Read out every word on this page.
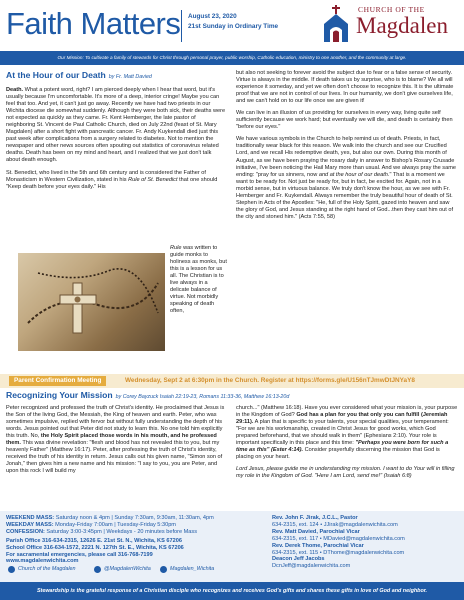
Faith Matters August 23, 2020
21st Sunday in Ordinary Time
CHURCH OF THE
Magdalen
Our Mission: To cultivate a family of stewards for Christ through personal prayer, public worship, Catholic education, ministry to one another, and the community at large.
At the Hour of our Death by Fr. Matt Davied

Death. What a potent word, right? I am pierced deeply when I hear that word, but it's usually because I'm uncomfortable. It's more of a deep, interior cringe! Maybe you can feel that too. And yet, it can't just go away. Recently we have had two priests in our Wichita diocese die somewhat suddenly. Although they were both sick, their deaths were not expected as quickly as they came. Fr. Kent Hemberger, the late pastor of neighboring St. Vincent de Paul Catholic Church, died on July 22nd (feast of St. Mary Magdalen) after a short fight with pancreatic cancer. Fr. Andy Kuykendall died just this past week after complications from a surgery related to diabetes. Not to mention the newspaper and other news sources often spouting out statistics of coronavirus related deaths. Death has been on my mind and heart, and I realized that we just don't talk about death enough.

St. Benedict, who lived in the 5th and 6th century and is considered the Father of Monasticism in Western Civilization, stated in his Rule of St. Benedict that one should "Keep death before your eyes daily." His

Rule was written to guide monks to holiness as monks, but this is a lesson for us all. The Christian is to live always in a delicate balance of virtue. Not morbidly speaking of death often,

but also not seeking to forever avoid the subject due to fear or a false sense of security. Virtue is always in the middle. If death takes us by surprise, who is to blame? We all will experience it someday, and yet we often don't choose to recognize this. It is the ultimate proof that we are not in control of our lives. In our humanity, we don't give ourselves life, and we can't hold on to our life once we are given it!

We can live in an illusion of us providing for ourselves in every way, living quite self sufficiently because we work hard; but eventually we will die, and death is certainly then "before our eyes."

We have various symbols in the Church to help remind us of death. Priests, in fact, traditionally wear black for this reason. We walk into the church and see our Crucified Lord, and we recall His redemptive death, yes, but also our own. During this month of August, as we have been praying the rosary daily in answer to Bishop's Rosary Crusade initiative, I've been noticing the Hail Mary more than usual. And we always pray the same ending: "pray for us sinners, now and at the hour of our death." That is a moment we want to be ready for. Not just be ready for, but in fact, be excited for. Again, not in a morbid sense, but in virtuous balance. We truly don't know the hour, as we see with Fr. Hemberger and Fr. Kuykendall. Always remember the truly beautiful hour of death of St. Stephen in Acts of the Apostles: "He, full of the Holy Spirit, gazed into heaven and saw the glory of God, and Jesus standing at the right hand of God...then they cast him out of the city and stoned him." (Acts 7:55, 58)

Parent Confirmation Meeting	Wednesday, Sept 2 at 6:30pm in the Church. Register at https://forms.gle/U156nTJmwDtJNYaY8
Recognizing Your Mission by Corey Bayzuck Isaiah 22:19-23, Romans 11:33-36, Matthew 16:13-20d

Peter recognized and professed the truth of Christ's identity. He proclaimed that Jesus is the Son of the living God, the Messiah, the King of heaven and earth. Peter, who was sometimes impulsive, replied with fervor but without fully understanding the depth of his words. Jesus pointed out that Peter did not study to learn this. No one told him explicitly this truth. No, the Holy Spirit placed those words in his mouth, and he professed them. This was divine revelation: "flesh and blood has not revealed this to you, but my heavenly Father" (Matthew 16:17). Peter, after professing the truth of Christ's identity, received the truth of his identity in return. Jesus calls out his given name, "Simon son of Jonah," then gives him a new name and his mission: "I say to you, you are Peter, and upon this rock I will build my

church..." (Matthew 16:18). Have you ever considered what your mission is, your purpose in the Kingdom of God? God has a plan for you that only you can fulfill (Jeremiah 29:11). A plan that is specific to your talents, your special qualities, your temperament: "For we are his workmanship, created in Christ Jesus for good works, which God prepared beforehand, that we should walk in them" (Ephesians 2:10). Your role is important specifically in this place and this time: "Perhaps you were born for such a time as this" (Ester 4:14). Consider prayerfully discerning the mission that God is placing on your heart.

Lord Jesus, please guide me in understanding my mission. I want to do Your will in filling my role in the Kingdom of God. "Here I am Lord, send me!" (Isaiah 6:8)

WEEKEND MASS: Saturday noon & 4pm | Sunday 7:30am, 9:30am, 11:30am, 4pm
WEEKDAY MASS: Monday-Friday 7:00am | Tuesday-Friday 5:30pm
CONFESSION: Saturday 3:00-3:45pm | Weekdays - 20 minutes before Mass
Parish Office 316-634-2315, 12626 E. 21st St. N., Wichita, KS 67206
School Office 316-634-1572, 2221 N. 127th St. E., Wichita, KS 67206
For sacramental emergencies, please call 316-768-7199
www.magdalenwichita.com
Church of the Magdalen	@MagdalenWichita	Magdalen_Wichita
Rev. John F. Jirak, J.C.L., Pastor
634-2315, ext. 124 • JJirak@magdalenwichita.com
Rev. Matt Davied, Parochial Vicar
634-2315, ext. 117 • MDavied@magdalenwichita.com
Rev. Derek Thome, Parochial Vicar
634-2315, ext. 115 • DThome@magdalenwichita.com
Deacon Jeff Jacobs
DcnJeff@magdalenwichita.com
Stewardship is the grateful response of a Christian disciple who recognizes and receives God's gifts and shares these gifts in love of God and neighbor.
